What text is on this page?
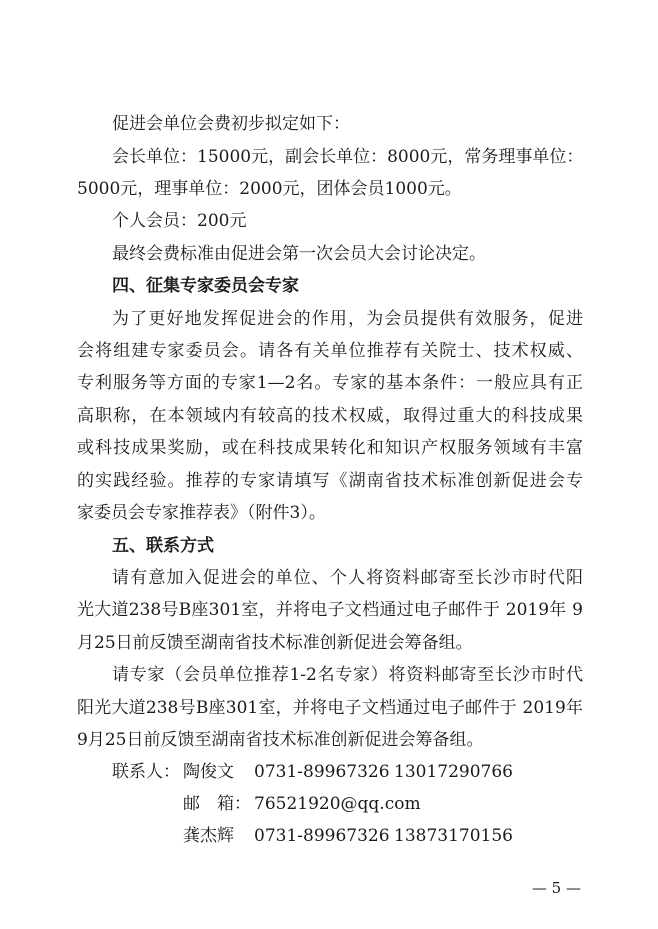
促进会单位会费初步拟定如下：
会长单位：15000元，副会长单位：8000元，常务理事单位：
5000元，理事单位：2000元，团体会员1000元。
个人会员：200元
最终会费标准由促进会第一次会员大会讨论决定。
四、征集专家委员会专家
为了更好地发挥促进会的作用，为会员提供有效服务，促进
会将组建专家委员会。请各有关单位推荐有关院士、技术权威、
专利服务等方面的专家1—2名。专家的基本条件：一般应具有正
高职称，在本领域内有较高的技术权威，取得过重大的科技成果
或科技成果奖励，或在科技成果转化和知识产权服务领域有丰富
的实践经验。推荐的专家请填写《湖南省技术标准创新促进会专
家委员会专家推荐表》（附件3）。
五、联系方式
请有意加入促进会的单位、个人将资料邮寄至长沙市时代阳
光大道238号B座301室，并将电子文档通过电子邮件于 2019年 9
月25日前反馈至湖南省技术标准创新促进会筹备组。
请专家（会员单位推荐1-2名专家）将资料邮寄至长沙市时代
阳光大道238号B座301室，并将电子文档通过电子邮件于 2019年
9月25日前反馈至湖南省技术标准创新促进会筹备组。
联系人： 陶俊文 0731-89967326 13017290766
邮　箱： 76521920@qq.com
龚杰辉 0731-89967326 13873170156
— 5 —
